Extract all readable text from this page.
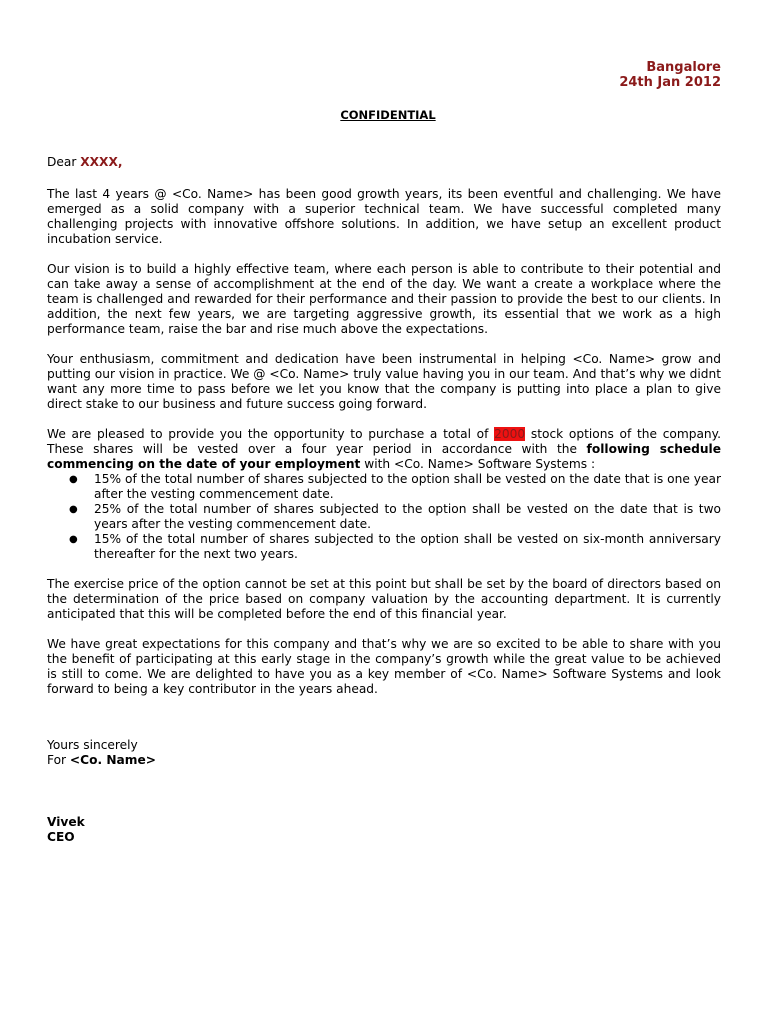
Bangalore
24th Jan 2012
CONFIDENTIAL
Dear XXXX,

The last 4 years @ <Co. Name> has been good growth years, its been eventful and challenging. We have emerged as a solid company with a superior technical team. We have successful completed many challenging projects with innovative offshore solutions. In addition, we have setup an excellent product incubation service.

Our vision is to build a highly effective team, where each person is able to contribute to their potential and can take away a sense of accomplishment at the end of the day. We want a create a workplace where the team is challenged and rewarded for their performance and their passion to provide the best to our clients. In addition, the next few years, we are targeting aggressive growth, its essential that we work as a high performance team, raise the bar and rise much above the expectations.

Your enthusiasm, commitment and dedication have been instrumental in helping <Co. Name> grow and putting our vision in practice. We @ <Co. Name> truly value having you in our team. And that’s why we didnt want any more time to pass before we let you know that the company is putting into place a plan to give direct stake to our business and future success going forward.

We are pleased to provide you the opportunity to purchase a total of 2000 stock options of the company. These shares will be vested over a four year period in accordance with the following schedule commencing on the date of your employment with <Co. Name> Software Systems :

● 15% of the total number of shares subjected to the option shall be vested on the date that is one year after the vesting commencement date.
● 25% of the total number of shares subjected to the option shall be vested on the date that is two years after the vesting commencement date.
● 15% of the total number of shares subjected to the option shall be vested on six-month anniversary thereafter for the next two years.

The exercise price of the option cannot be set at this point but shall be set by the board of directors based on the determination of the price based on company valuation by the accounting department. It is currently anticipated that this will be completed before the end of this financial year.

We have great expectations for this company and that’s why we are so excited to be able to share with you the benefit of participating at this early stage in the company’s growth while the great value to be achieved is still to come. We are delighted to have you as a key member of <Co. Name> Software Systems and look forward to being a key contributor in the years ahead.

Yours sincerely
For <Co. Name>
Vivek
CEO
